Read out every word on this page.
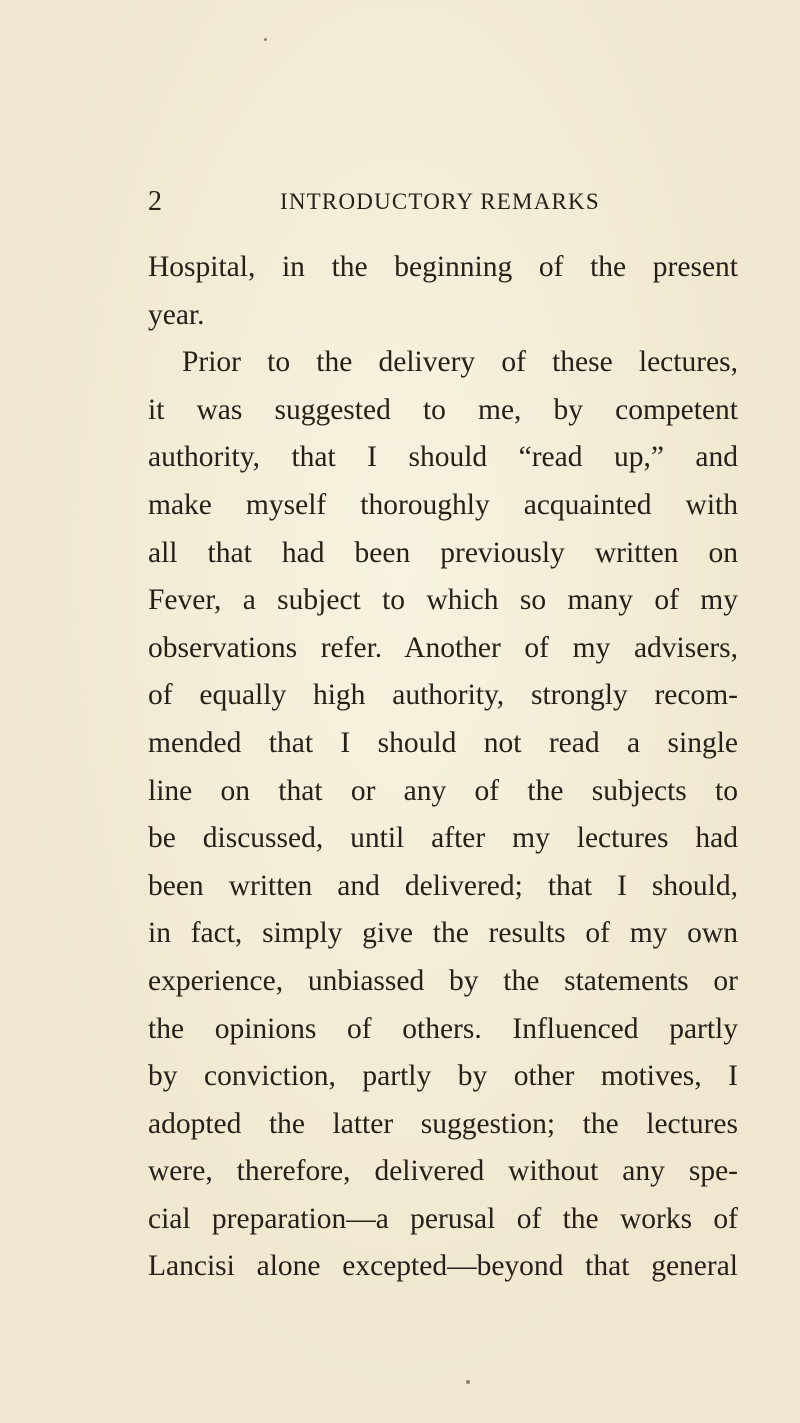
2	INTRODUCTORY REMARKS
Hospital, in the beginning of the present
year.
Prior to the delivery of these lectures,
it was suggested to me, by competent
authority, that I should “read up,” and
make myself thoroughly acquainted with
all that had been previously written on
Fever, a subject to which so many of my
observations refer. Another of my advisers,
of equally high authority, strongly recom-
mended that I should not read a single
line on that or any of the subjects to
be discussed, until after my lectures had
been written and delivered; that I should,
in fact, simply give the results of my own
experience, unbiassed by the statements or
the opinions of others. Influenced partly
by conviction, partly by other motives, I
adopted the latter suggestion; the lectures
were, therefore, delivered without any spe-
cial preparation—a perusal of the works of
Lancisi alone excepted—beyond that general
